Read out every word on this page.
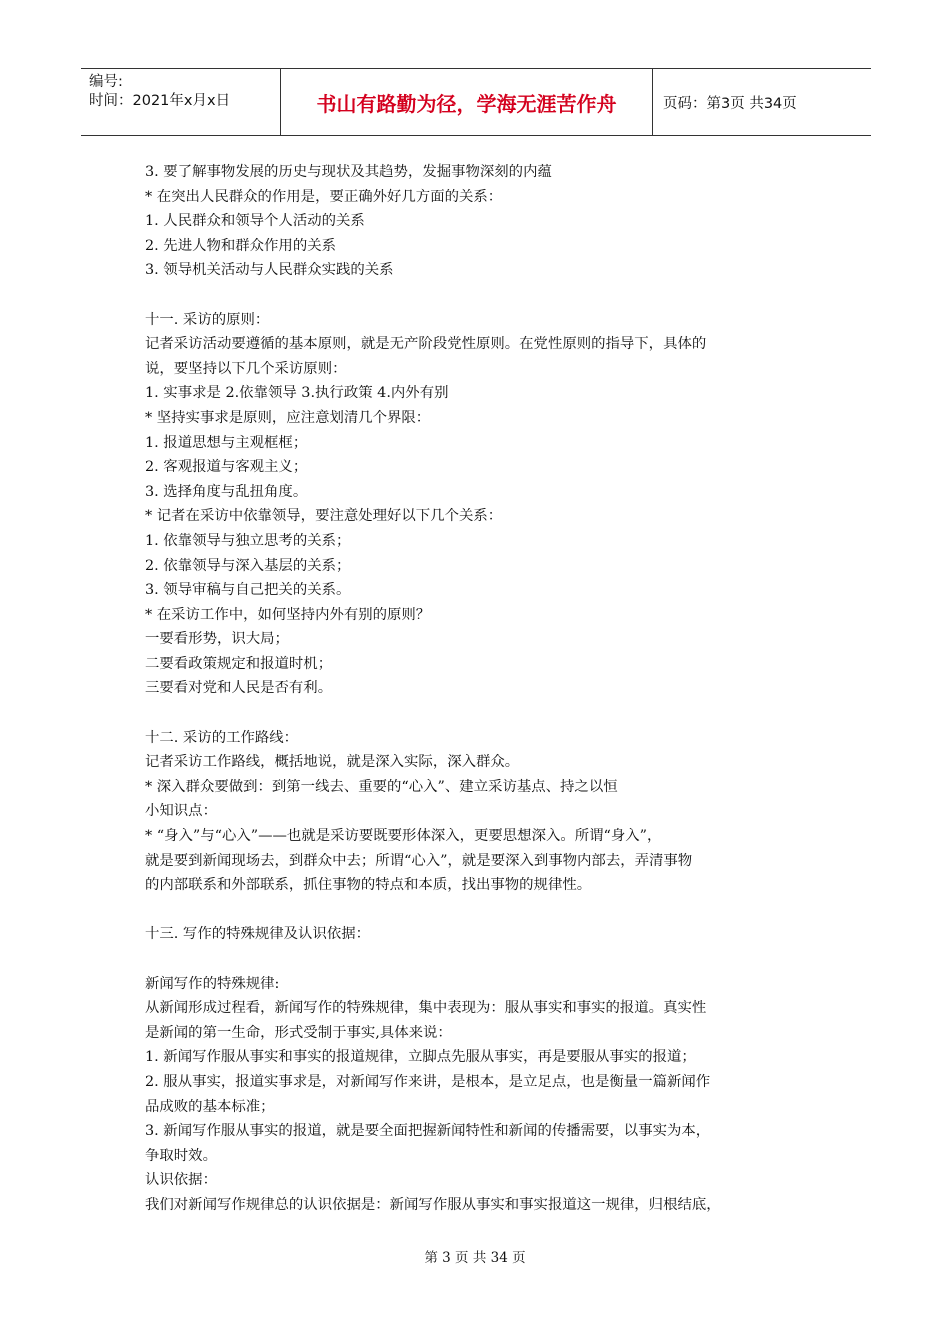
编号:
时间：2021年x月x日	书山有路勤为径，学海无涯苦作舟	页码：第3页 共34页
3. 要了解事物发展的历史与现状及其趋势，发掘事物深刻的内蕴
* 在突出人民群众的作用是，要正确外好几方面的关系：
1. 人民群众和领导个人活动的关系
2. 先进人物和群众作用的关系
3. 领导机关活动与人民群众实践的关系
十一. 采访的原则：
记者采访活动要遵循的基本原则，就是无产阶段党性原则。在党性原则的指导下，具体的
说，要坚持以下几个采访原则：
1. 实事求是 2.依靠领导 3.执行政策 4.内外有别
* 坚持实事求是原则，应注意划清几个界限：
1. 报道思想与主观框框；
2. 客观报道与客观主义；
3. 选择角度与乱扭角度。
* 记者在采访中依靠领导，要注意处理好以下几个关系：
1. 依靠领导与独立思考的关系；
2. 依靠领导与深入基层的关系；
3. 领导审稿与自己把关的关系。
* 在采访工作中，如何坚持内外有别的原则？
一要看形势，识大局；
二要看政策规定和报道时机；
三要看对党和人民是否有利。
十二. 采访的工作路线：
记者采访工作路线，概括地说，就是深入实际，深入群众。
* 深入群众要做到：到第一线去、重要的“心入”、建立采访基点、持之以恒
小知识点：
* “身入”与“心入”——也就是采访要既要形体深入，更要思想深入。所谓“身入”，
就是要到新闻现场去，到群众中去；所谓“心入”，就是要深入到事物内部去，弄清事物
的内部联系和外部联系，抓住事物的特点和本质，找出事物的规律性。
十三. 写作的特殊规律及认识依据：
新闻写作的特殊规律:
从新闻形成过程看，新闻写作的特殊规律，集中表现为：服从事实和事实的报道。真实性
是新闻的第一生命，形式受制于事实,具体来说：
1. 新闻写作服从事实和事实的报道规律，立脚点先服从事实，再是要服从事实的报道；
2. 服从事实，报道实事求是，对新闻写作来讲，是根本，是立足点，也是衡量一篇新闻作
品成败的基本标准；
3. 新闻写作服从事实的报道，就是要全面把握新闻特性和新闻的传播需要，以事实为本，
争取时效。
认识依据：
我们对新闻写作规律总的认识依据是：新闻写作服从事实和事实报道这一规律，归根结底，
第 3 页 共 34 页
